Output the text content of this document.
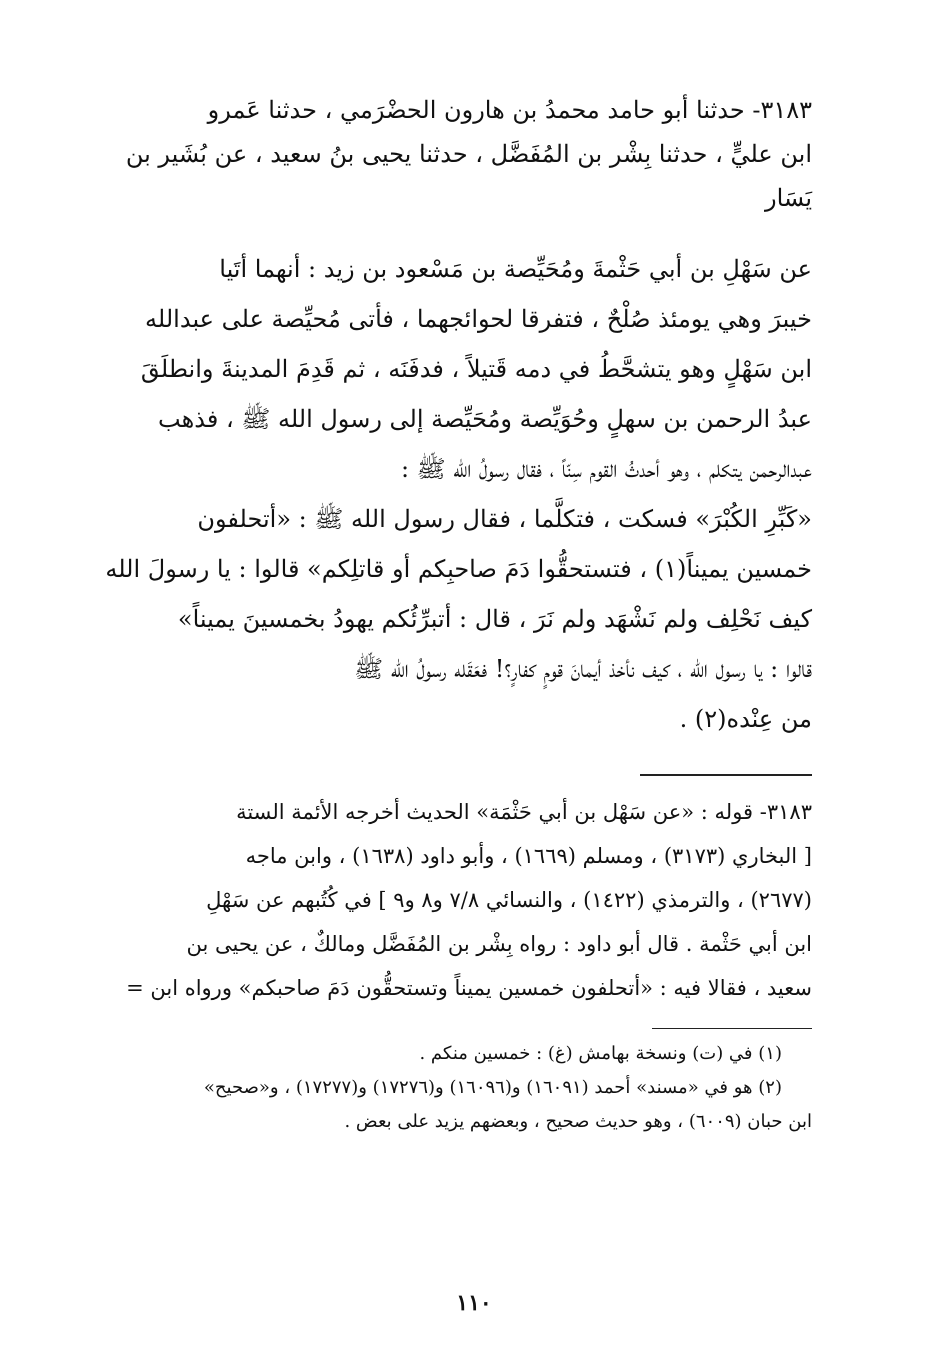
٣١٨٣- حدثنا أبو حامد محمدُ بن هارون الحضْرَمي ، حدثنا عَمرو

ابن عليٍّ ، حدثنا بِشْر بن المُفَضَّل ، حدثنا يحيى بنُ سعيد ، عن بُشَير بن

يَسَار

عن سَهْلِ بن أبي حَثْمةَ ومُحَيِّصة بن مَسْعود بن زيد : أنهما أتَيا

خيبرَ وهي يومئذ صُلْحٌ ، فتفرقا لحوائجهما ، فأتى مُحيِّصة على عبدالله

ابن سَهْلٍ وهو يتشحَّطُ في دمه قَتيلاً ، فدفَنَه ، ثم قَدِمَ المدينةَ وانطلَقَ

عبدُ الرحمن بن سهلٍ وحُوَيِّصة ومُحَيِّصة إلى رسول الله ﷺ ، فذهب

عبدالرحمن يتكلم ، وهو أحدثُ القوم سِنّاً ، فقال رسولُ الله ﷺ :

«كَبِّرِ الكُبْرَ» فسكت ، فتكلَّما ، فقال رسول الله ﷺ : «أتحلفون

خمسين يميناً(١) ، فتستحقُّوا دَمَ صاحبِكم أو قاتلِكم» قالوا : يا رسولَ الله

كيف نَحْلِف ولم نَشْهَد ولم نَرَ ، قال : أتبرِّئُكم يهودُ بخمسينَ يميناً»

قالوا : يا رسول الله ، كيف نأخذ أيمانَ قومٍ كفارٍ؟! فعَقَله رسولُ الله ﷺ

من عِنْده(٢) .

٣١٨٣- قوله : «عن سَهْل بن أبي حَثْمَة» الحديث أخرجه الأئمة الستة

[ البخاري (٣١٧٣) ، ومسلم (١٦٦٩) ، وأبو داود (١٦٣٨) ، وابن ماجه

(٢٦٧٧) ، والترمذي (١٤٢٢) ، والنسائي ٧/٨ و٨ و٩ ] في كُتُبهم عن سَهْلِ

ابن أبي حَثْمة . قال أبو داود : رواه بِشْر بن المُفَضَّل ومالكٌ ، عن يحيى بن

سعيد ، فقالا فيه : «أتحلفون خمسين يميناً وتستحقُّون دَمَ صاحبكم» ورواه ابن =

(١) في (ت) ونسخة بهامش (غ) : خمسين منكم .

(٢) هو في «مسند» أحمد (١٦٠٩١) و(١٦٠٩٦) و(١٧٢٧٦) و(١٧٢٧٧) ، و«صحيح»

ابن حبان (٦٠٠٩) ، وهو حديث صحيح ، وبعضهم يزيد على بعض .

١١٠
